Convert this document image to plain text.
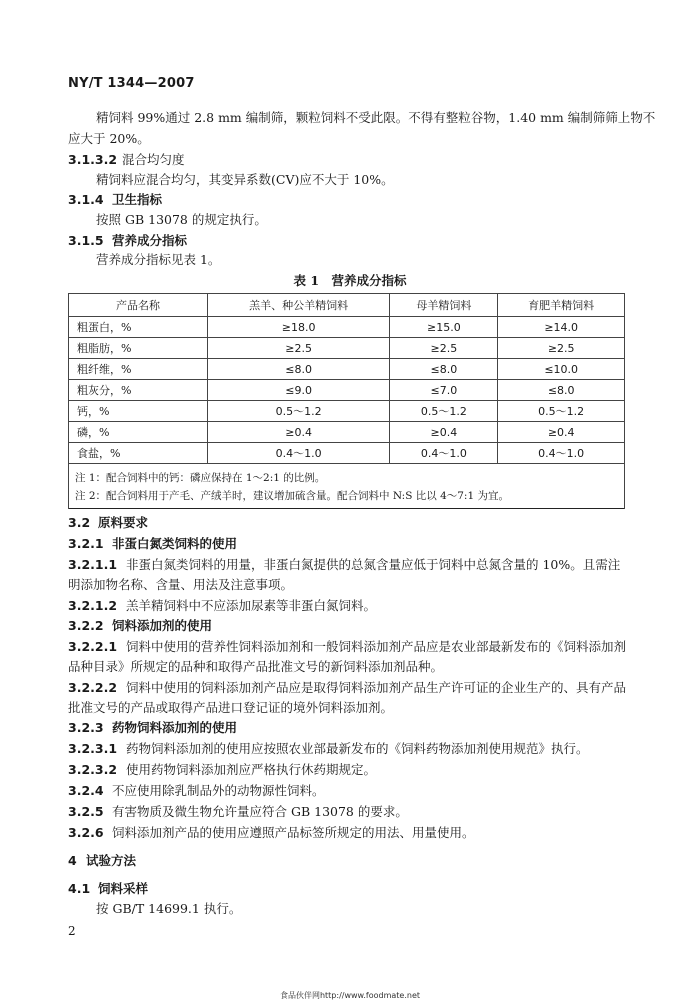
NY/T 1344—2007
精饲料 99%通过 2.8 mm 编制筛，颗粒饲料不受此限。不得有整粒谷物，1.40 mm 编制筛筛上物不
应大于 20%。
3.1.3.2 混合均匀度
精饲料应混合均匀，其变异系数(CV)应不大于 10%。
3.1.4 卫生指标
按照 GB 13078 的规定执行。
3.1.5 营养成分指标
营养成分指标见表 1。
表 1　营养成分指标
产品名称	羔羊、种公羊精饲料	母羊精饲料	育肥羊精饲料
粗蛋白，%	≥18.0	≥15.0	≥14.0
粗脂肪，%	≥2.5	≥2.5	≥2.5
粗纤维，%	≤8.0	≤8.0	≤10.0
粗灰分，%	≤9.0	≤7.0	≤8.0
钙，%	0.5～1.2	0.5～1.2	0.5～1.2
磷，%	≥0.4	≥0.4	≥0.4
食盐，%	0.4～1.0	0.4～1.0	0.4～1.0
注 1：配合饲料中的钙：磷应保持在 1～2:1 的比例。			
注 2：配合饲料用于产毛、产绒羊时，建议增加硫含量。配合饲料中 N:S 比以 4～7:1 为宜。			
3.2 原料要求
3.2.1 非蛋白氮类饲料的使用
3.2.1.1 非蛋白氮类饲料的用量，非蛋白氮提供的总氮含量应低于饲料中总氮含量的 10%。且需注
明添加物名称、含量、用法及注意事项。
3.2.1.2 羔羊精饲料中不应添加尿素等非蛋白氮饲料。
3.2.2 饲料添加剂的使用
3.2.2.1 饲料中使用的营养性饲料添加剂和一般饲料添加剂产品应是农业部最新发布的《饲料添加剂
品种目录》所规定的品种和取得产品批准文号的新饲料添加剂品种。
3.2.2.2 饲料中使用的饲料添加剂产品应是取得饲料添加剂产品生产许可证的企业生产的、具有产品
批准文号的产品或取得产品进口登记证的境外饲料添加剂。
3.2.3 药物饲料添加剂的使用
3.2.3.1 药物饲料添加剂的使用应按照农业部最新发布的《饲料药物添加剂使用规范》执行。
3.2.3.2 使用药物饲料添加剂应严格执行休药期规定。
3.2.4 不应使用除乳制品外的动物源性饲料。
3.2.5 有害物质及微生物允许量应符合 GB 13078 的要求。
3.2.6 饲料添加剂产品的使用应遵照产品标签所规定的用法、用量使用。
4 试验方法
4.1 饲料采样
按 GB/T 14699.1 执行。
2
食品伙伴网http://www.foodmate.net
